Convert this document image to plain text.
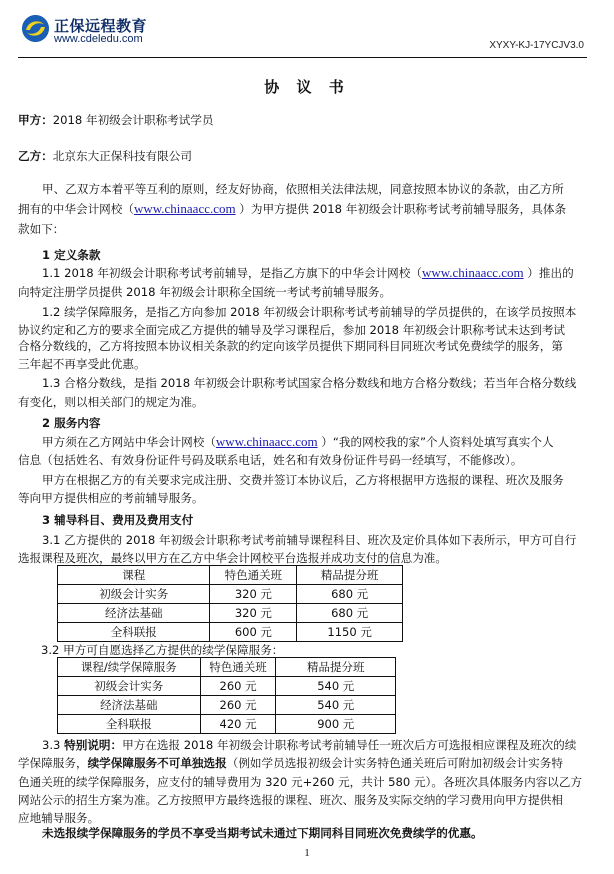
正保远程教育
www.cdeledu.com
XYXY-KJ-17YCJV3.0
协 议 书
甲方：2018 年初级会计职称考试学员
乙方：北京东大正保科技有限公司
甲、乙双方本着平等互利的原则，经友好协商，依照相关法律法规，同意按照本协议的条款，由乙方所
拥有的中华会计网校（www.chinaacc.com ）为甲方提供 2018 年初级会计职称考试考前辅导服务，具体条
款如下：
1 定义条款
1.1 2018 年初级会计职称考试考前辅导，是指乙方旗下的中华会计网校（www.chinaacc.com ）推出的
向特定注册学员提供 2018 年初级会计职称全国统一考试考前辅导服务。
1.2 续学保障服务，是指乙方向参加 2018 年初级会计职称考试考前辅导的学员提供的，在该学员按照本
协议约定和乙方的要求全面完成乙方提供的辅导及学习课程后，参加 2018 年初级会计职称考试未达到考试
合格分数线的，乙方将按照本协议相关条款的约定向该学员提供下期同科目同班次考试免费续学的服务，第
三年起不再享受此优惠。
1.3 合格分数线，是指 2018 年初级会计职称考试国家合格分数线和地方合格分数线；若当年合格分数线
有变化，则以相关部门的规定为准。
2 服务内容
甲方须在乙方网站中华会计网校（www.chinaacc.com ）“我的网校我的家”个人资料处填写真实个人
信息（包括姓名、有效身份证件号码及联系电话，姓名和有效身份证件号码一经填写，不能修改）。
甲方在根据乙方的有关要求完成注册、交费并签订本协议后，乙方将根据甲方选报的课程、班次及服务
等向甲方提供相应的考前辅导服务。
3 辅导科目、费用及费用支付
3.1 乙方提供的 2018 年初级会计职称考试考前辅导课程科目、班次及定价具体如下表所示，甲方可自行
选报课程及班次，最终以甲方在乙方中华会计网校平台选报并成功支付的信息为准。
课程	特色通关班	精品提分班
初级会计实务	320 元	680 元
经济法基础	320 元	680 元
全科联报	600 元	1150 元
3.2 甲方可自愿选择乙方提供的续学保障服务：
课程/续学保障服务	特色通关班	精品提分班
初级会计实务	260 元	540 元
经济法基础	260 元	540 元
全科联报	420 元	900 元
3.3 特别说明：甲方在选报 2018 年初级会计职称考试考前辅导任一班次后方可选报相应课程及班次的续
学保障服务，续学保障服务不可单独选报（例如学员选报初级会计实务特色通关班后可附加初级会计实务特
色通关班的续学保障服务，应支付的辅导费用为 320 元+260 元，共计 580 元）。各班次具体服务内容以乙方
网站公示的招生方案为准。乙方按照甲方最终选报的课程、班次、服务及实际交纳的学习费用向甲方提供相
应地辅导服务。
未选报续学保障服务的学员不享受当期考试未通过下期同科目同班次免费续学的优惠。
1
